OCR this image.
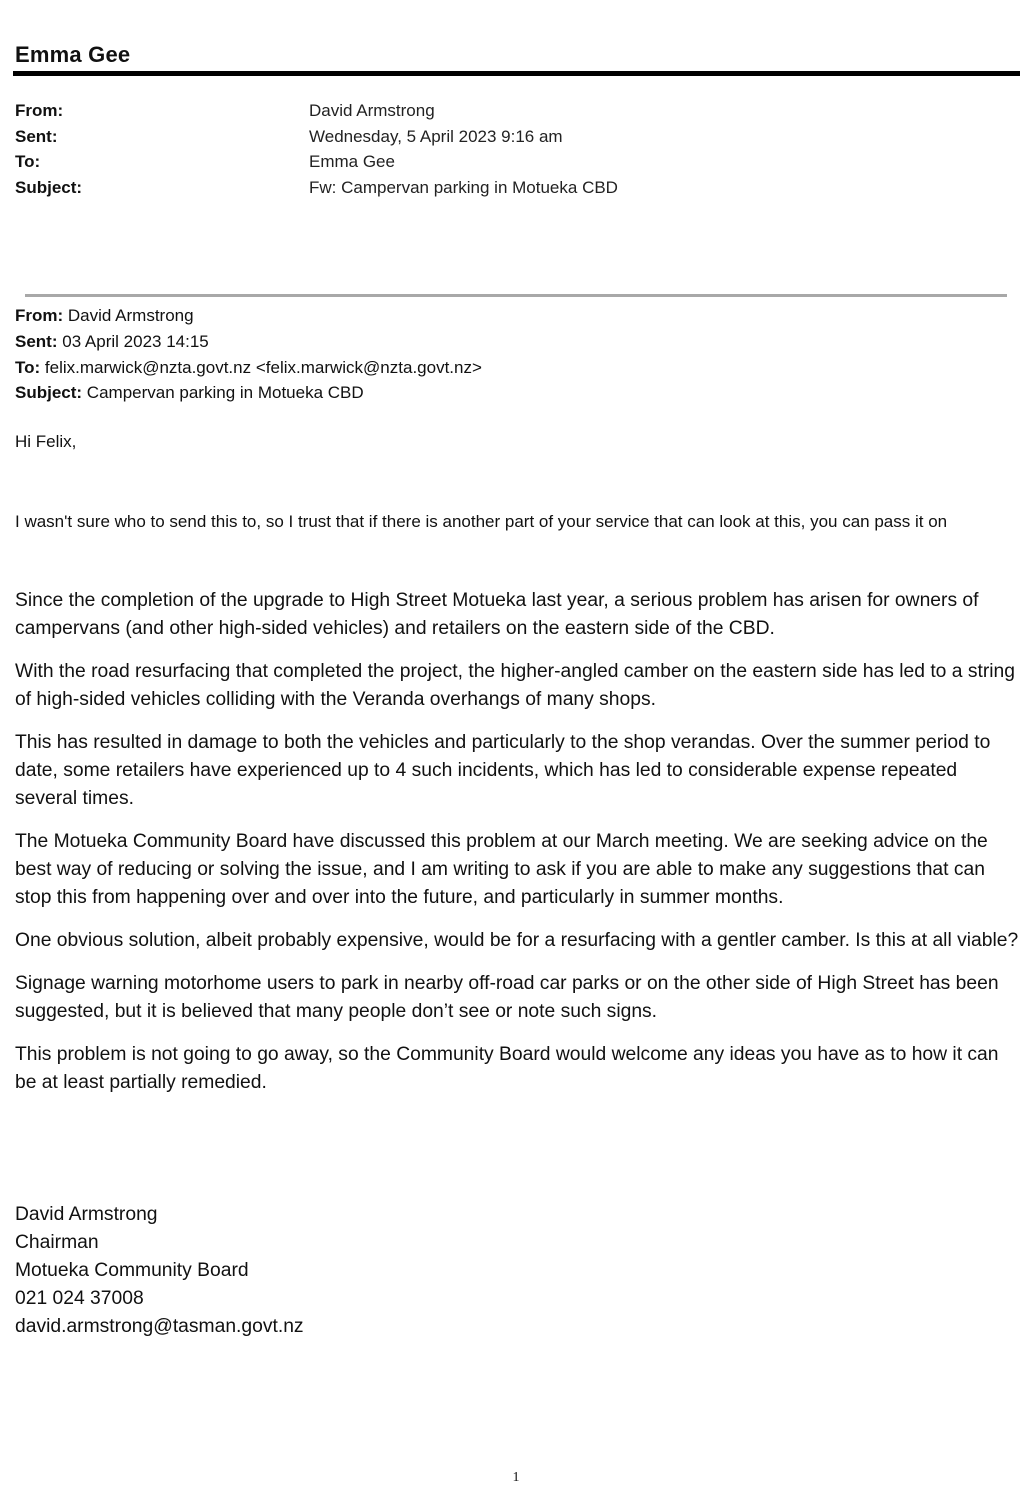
Emma Gee
From:	David Armstrong
Sent:	Wednesday, 5 April 2023 9:16 am
To:	Emma Gee
Subject:	Fw: Campervan parking in Motueka CBD
From: David Armstrong
Sent: 03 April 2023 14:15
To: felix.marwick@nzta.govt.nz <felix.marwick@nzta.govt.nz>
Subject: Campervan parking in Motueka CBD
Hi Felix,
I wasn't sure who to send this to, so I trust that if there is another part of your service that can look at this, you can pass it on

Since the completion of the upgrade to High Street Motueka last year, a serious problem has arisen for owners of campervans (and other high-sided vehicles) and retailers on the eastern side of the CBD.

With the road resurfacing that completed the project, the higher-angled camber on the eastern side has led to a string of high-sided vehicles colliding with the Veranda overhangs of many shops.

This has resulted in damage to both the vehicles and particularly to the shop verandas. Over the summer period to date, some retailers have experienced up to 4 such incidents, which has led to considerable expense repeated several times.

The Motueka Community Board have discussed this problem at our March meeting. We are seeking advice on the best way of reducing or solving the issue, and I am writing to ask if you are able to make any suggestions that can stop this from happening over and over into the future, and particularly in summer months.

One obvious solution, albeit probably expensive, would be for a resurfacing with a gentler camber. Is this at all viable?

Signage warning motorhome users to park in nearby off-road car parks or on the other side of High Street has been suggested, but it is believed that many people don’t see or note such signs.

This problem is not going to go away, so the Community Board would welcome any ideas you have as to how it can be at least partially remedied.

David Armstrong
Chairman
Motueka Community Board
021 024 37008
david.armstrong@tasman.govt.nz
1
